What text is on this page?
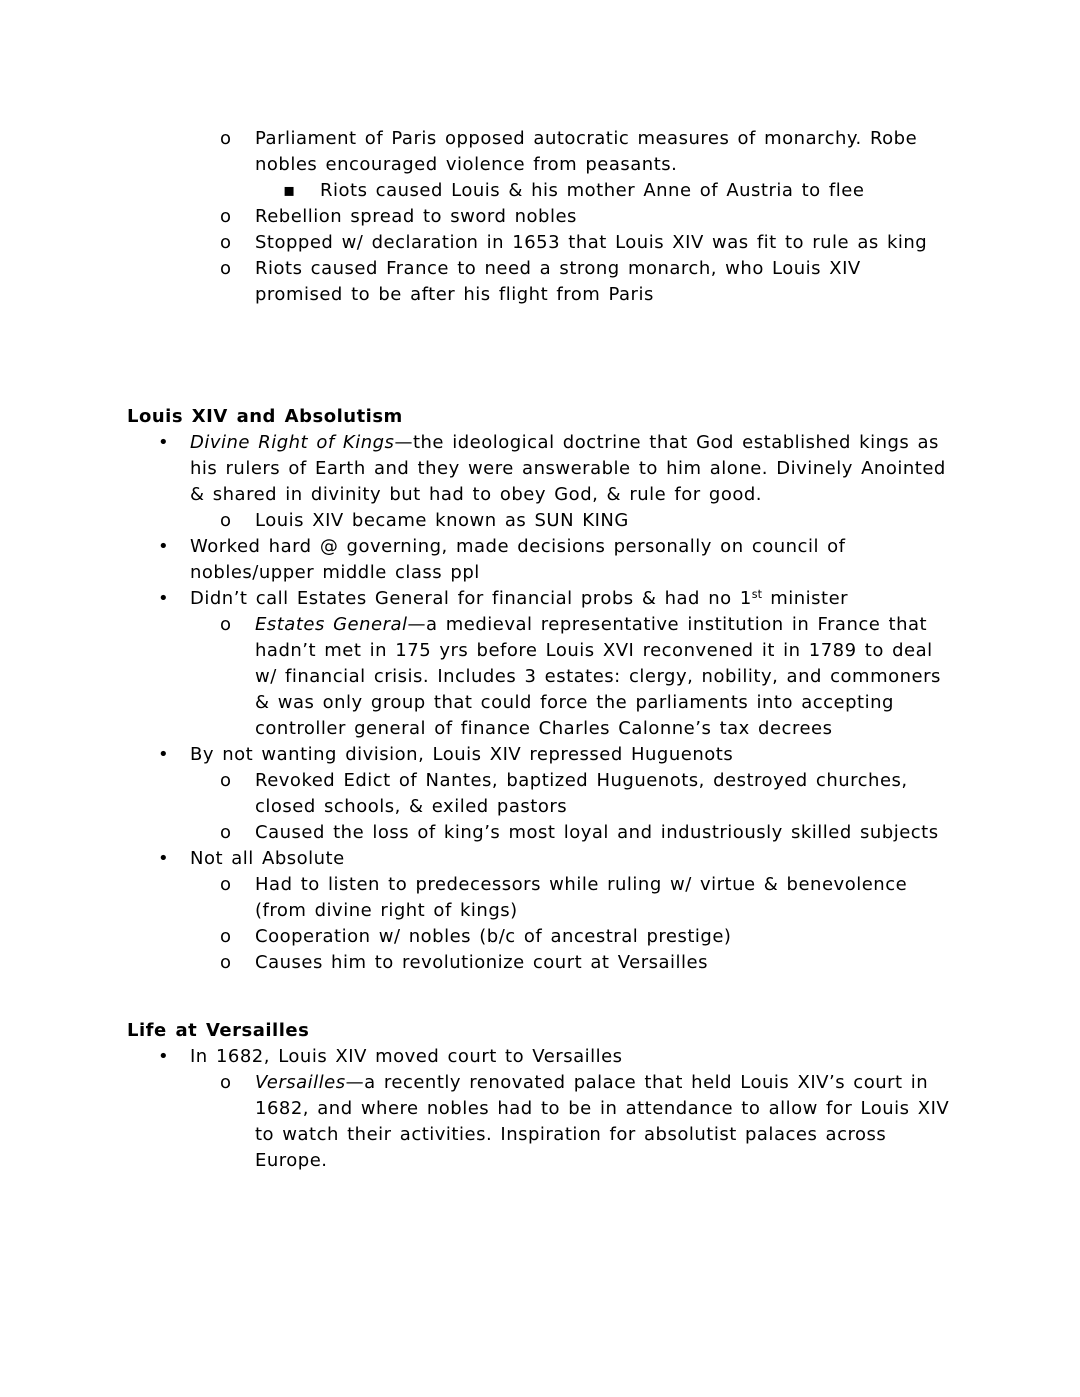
o Parliament of Paris opposed autocratic measures of monarchy. Robe nobles encouraged violence from peasants.
▪ Riots caused Louis & his mother Anne of Austria to flee
o Rebellion spread to sword nobles
o Stopped w/ declaration in 1653 that Louis XIV was fit to rule as king
o Riots caused France to need a strong monarch, who Louis XIV promised to be after his flight from Paris
Louis XIV and Absolutism
• Divine Right of Kings—the ideological doctrine that God established kings as his rulers of Earth and they were answerable to him alone. Divinely Anointed & shared in divinity but had to obey God, & rule for good.
o Louis XIV became known as SUN KING
• Worked hard @ governing, made decisions personally on council of nobles/upper middle class ppl
• Didn’t call Estates General for financial probs & had no 1st minister
o Estates General—a medieval representative institution in France that hadn’t met in 175 yrs before Louis XVI reconvened it in 1789 to deal w/ financial crisis. Includes 3 estates: clergy, nobility, and commoners & was only group that could force the parliaments into accepting controller general of finance Charles Calonne’s tax decrees
• By not wanting division, Louis XIV repressed Huguenots
o Revoked Edict of Nantes, baptized Huguenots, destroyed churches, closed schools, & exiled pastors
o Caused the loss of king’s most loyal and industriously skilled subjects
• Not all Absolute
o Had to listen to predecessors while ruling w/ virtue & benevolence (from divine right of kings)
o Cooperation w/ nobles (b/c of ancestral prestige)
o Causes him to revolutionize court at Versailles
Life at Versailles
• In 1682, Louis XIV moved court to Versailles
o Versailles—a recently renovated palace that held Louis XIV’s court in 1682, and where nobles had to be in attendance to allow for Louis XIV to watch their activities. Inspiration for absolutist palaces across Europe.
